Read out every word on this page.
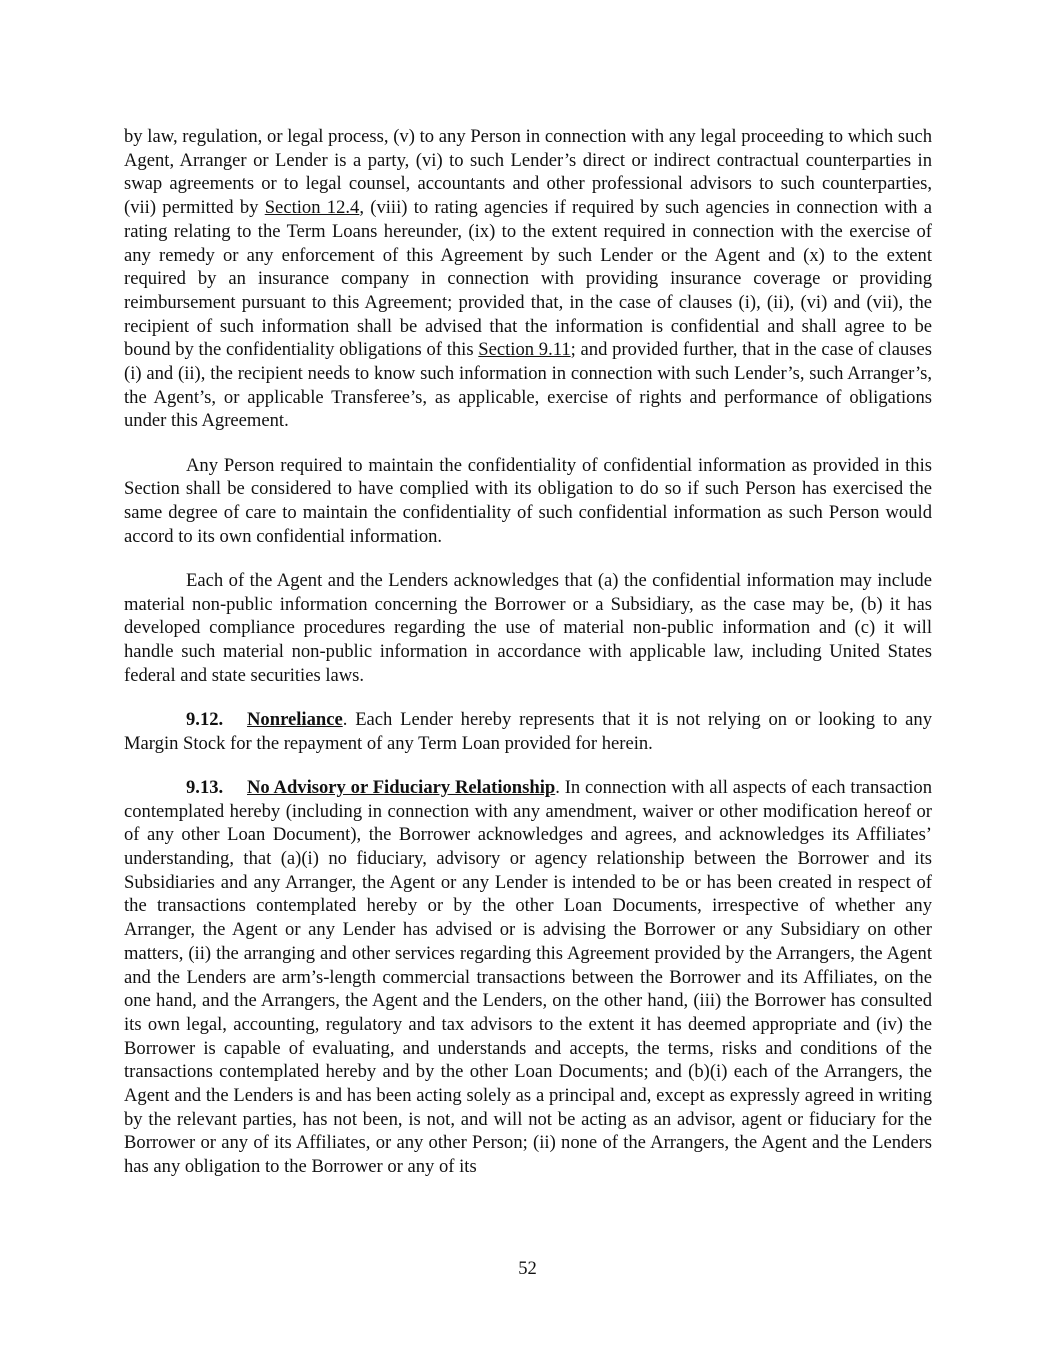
by law, regulation, or legal process, (v) to any Person in connection with any legal proceeding to which such Agent, Arranger or Lender is a party, (vi) to such Lender’s direct or indirect contractual counterparties in swap agreements or to legal counsel, accountants and other professional advisors to such counterparties, (vii) permitted by Section 12.4, (viii) to rating agencies if required by such agencies in connection with a rating relating to the Term Loans hereunder, (ix) to the extent required in connection with the exercise of any remedy or any enforcement of this Agreement by such Lender or the Agent and (x) to the extent required by an insurance company in connection with providing insurance coverage or providing reimbursement pursuant to this Agreement; provided that, in the case of clauses (i), (ii), (vi) and (vii), the recipient of such information shall be advised that the information is confidential and shall agree to be bound by the confidentiality obligations of this Section 9.11; and provided further, that in the case of clauses (i) and (ii), the recipient needs to know such information in connection with such Lender’s, such Arranger’s, the Agent’s, or applicable Transferee’s, as applicable, exercise of rights and performance of obligations under this Agreement.

Any Person required to maintain the confidentiality of confidential information as provided in this Section shall be considered to have complied with its obligation to do so if such Person has exercised the same degree of care to maintain the confidentiality of such confidential information as such Person would accord to its own confidential information.

Each of the Agent and the Lenders acknowledges that (a) the confidential information may include material non-public information concerning the Borrower or a Subsidiary, as the case may be, (b) it has developed compliance procedures regarding the use of material non-public information and (c) it will handle such material non-public information in accordance with applicable law, including United States federal and state securities laws.

9.12. Nonreliance. Each Lender hereby represents that it is not relying on or looking to any Margin Stock for the repayment of any Term Loan provided for herein.

9.13. No Advisory or Fiduciary Relationship. In connection with all aspects of each transaction contemplated hereby (including in connection with any amendment, waiver or other modification hereof or of any other Loan Document), the Borrower acknowledges and agrees, and acknowledges its Affiliates’ understanding, that (a)(i) no fiduciary, advisory or agency relationship between the Borrower and its Subsidiaries and any Arranger, the Agent or any Lender is intended to be or has been created in respect of the transactions contemplated hereby or by the other Loan Documents, irrespective of whether any Arranger, the Agent or any Lender has advised or is advising the Borrower or any Subsidiary on other matters, (ii) the arranging and other services regarding this Agreement provided by the Arrangers, the Agent and the Lenders are arm’s-length commercial transactions between the Borrower and its Affiliates, on the one hand, and the Arrangers, the Agent and the Lenders, on the other hand, (iii) the Borrower has consulted its own legal, accounting, regulatory and tax advisors to the extent it has deemed appropriate and (iv) the Borrower is capable of evaluating, and understands and accepts, the terms, risks and conditions of the transactions contemplated hereby and by the other Loan Documents; and (b)(i) each of the Arrangers, the Agent and the Lenders is and has been acting solely as a principal and, except as expressly agreed in writing by the relevant parties, has not been, is not, and will not be acting as an advisor, agent or fiduciary for the Borrower or any of its Affiliates, or any other Person; (ii) none of the Arrangers, the Agent and the Lenders has any obligation to the Borrower or any of its

52
